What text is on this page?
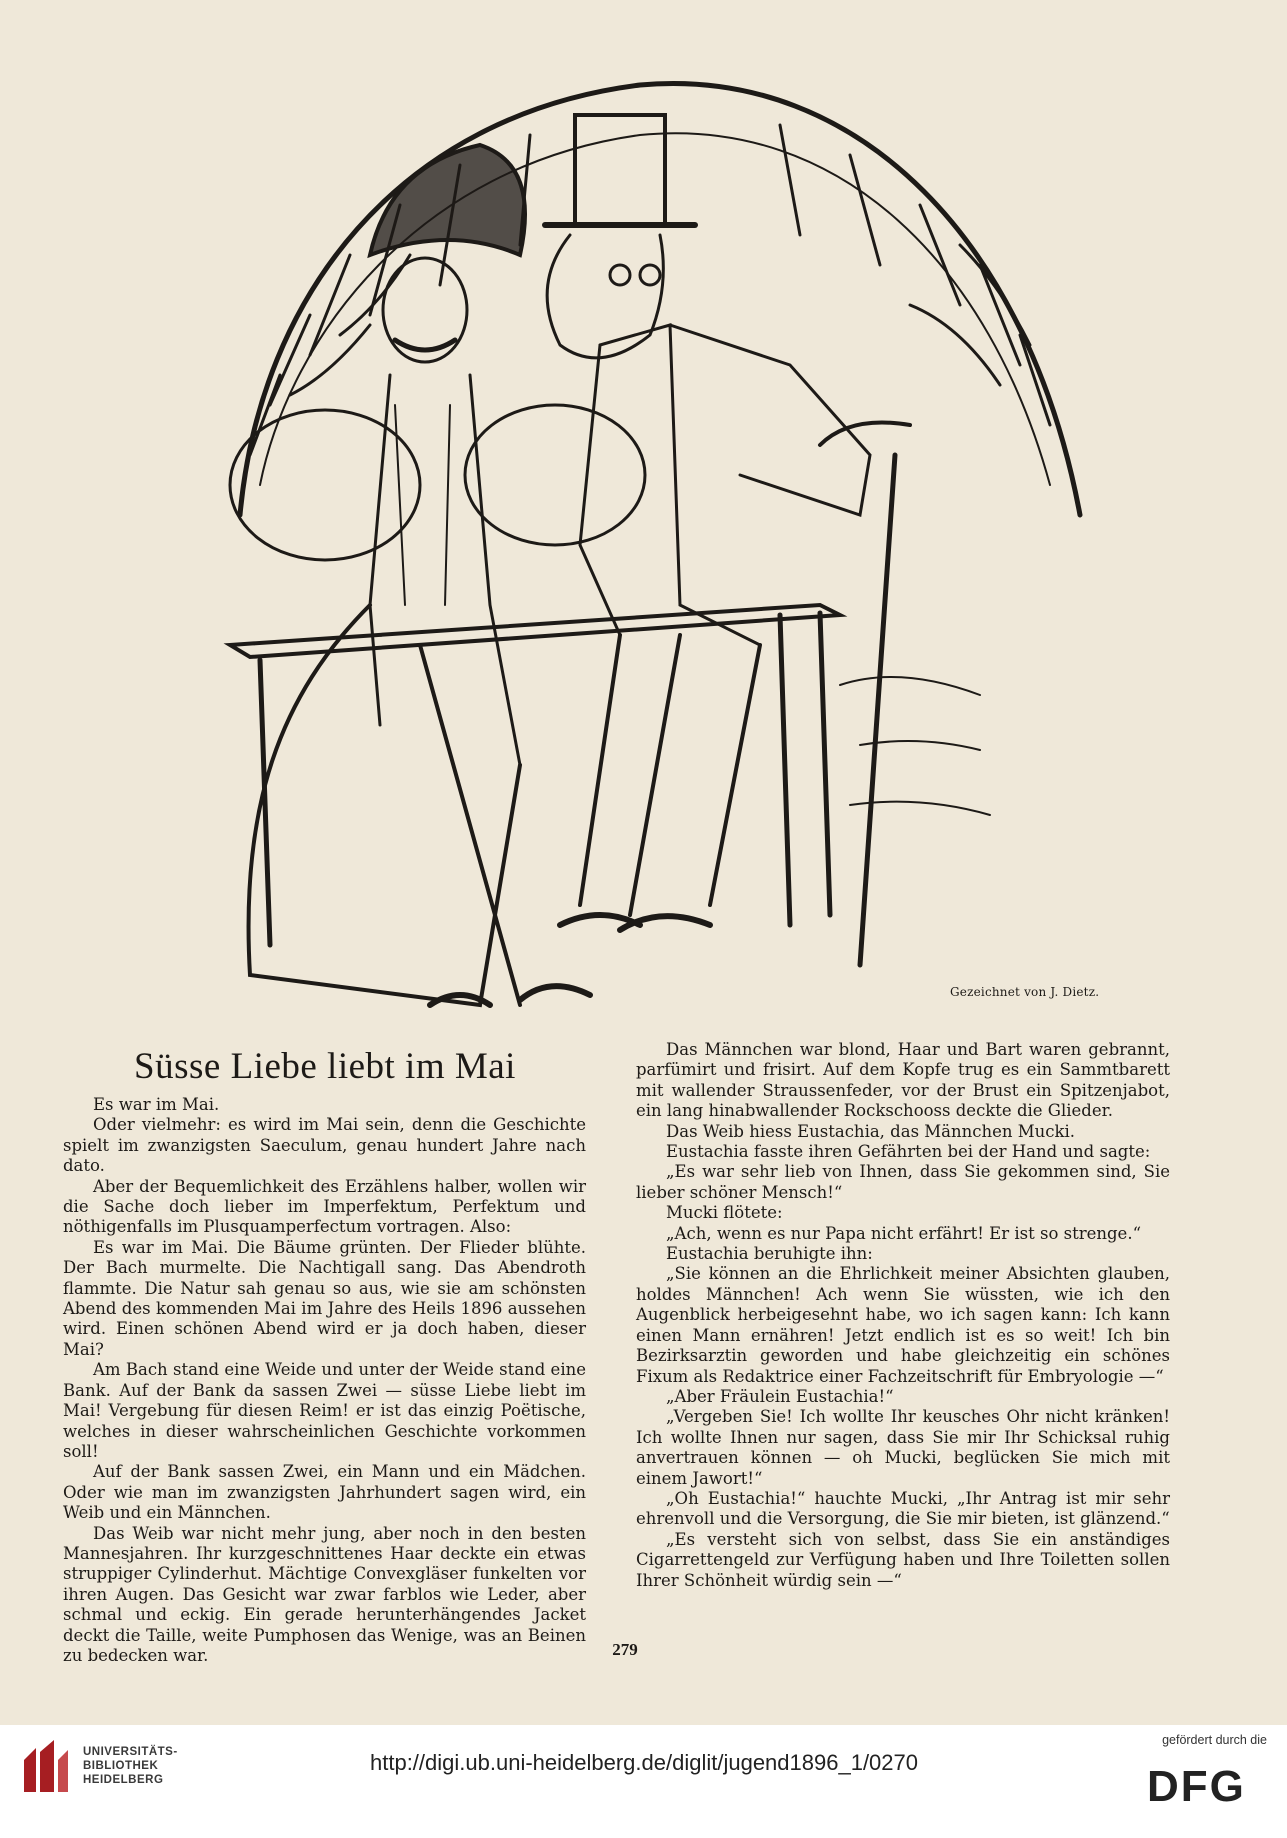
Gezeichnet von J. Dietz.
Süsse Liebe liebt im Mai

Es war im Mai.

Oder vielmehr: es wird im Mai sein, denn die Geschichte spielt im zwanzigsten Saeculum, genau hundert Jahre nach dato.

Aber der Bequemlichkeit des Erzählens halber, wollen wir die Sache doch lieber im Imperfektum, Perfektum und nöthigenfalls im Plusquamperfectum vortragen. Also:

Es war im Mai. Die Bäume grünten. Der Flieder blühte. Der Bach murmelte. Die Nachtigall sang. Das Abendroth flammte. Die Natur sah genau so aus, wie sie am schönsten Abend des kommenden Mai im Jahre des Heils 1896 aussehen wird. Einen schönen Abend wird er ja doch haben, dieser Mai?

Am Bach stand eine Weide und unter der Weide stand eine Bank. Auf der Bank da sassen Zwei — süsse Liebe liebt im Mai! Vergebung für diesen Reim! er ist das einzig Poëtische, welches in dieser wahrscheinlichen Geschichte vorkommen soll!

Auf der Bank sassen Zwei, ein Mann und ein Mädchen. Oder wie man im zwanzigsten Jahrhundert sagen wird, ein Weib und ein Männchen.

Das Weib war nicht mehr jung, aber noch in den besten Mannesjahren. Ihr kurzgeschnittenes Haar deckte ein etwas struppiger Cylinderhut. Mächtige Convexgläser funkelten vor ihren Augen. Das Gesicht war zwar farblos wie Leder, aber schmal und eckig. Ein gerade herunterhängendes Jacket deckt die Taille, weite Pumphosen das Wenige, was an Beinen zu bedecken war.

Das Männchen war blond, Haar und Bart waren gebrannt, parfümirt und frisirt. Auf dem Kopfe trug es ein Sammtbarett mit wallender Straussenfeder, vor der Brust ein Spitzenjabot, ein lang hinabwallender Rockschooss deckte die Glieder.

Das Weib hiess Eustachia, das Männchen Mucki.

Eustachia fasste ihren Gefährten bei der Hand und sagte:

„Es war sehr lieb von Ihnen, dass Sie gekommen sind, Sie lieber schöner Mensch!“

Mucki flötete:

„Ach, wenn es nur Papa nicht erfährt! Er ist so strenge.“

Eustachia beruhigte ihn:

„Sie können an die Ehrlichkeit meiner Absichten glauben, holdes Männchen! Ach wenn Sie wüssten, wie ich den Augenblick herbeigesehnt habe, wo ich sagen kann: Ich kann einen Mann ernähren! Jetzt endlich ist es so weit! Ich bin Bezirksarztin geworden und habe gleichzeitig ein schönes Fixum als Redaktrice einer Fachzeitschrift für Embryologie —“

„Aber Fräulein Eustachia!“

„Vergeben Sie! Ich wollte Ihr keusches Ohr nicht kränken! Ich wollte Ihnen nur sagen, dass Sie mir Ihr Schicksal ruhig anvertrauen können — oh Mucki, beglücken Sie mich mit einem Jawort!“

„Oh Eustachia!“ hauchte Mucki, „Ihr Antrag ist mir sehr ehrenvoll und die Versorgung, die Sie mir bieten, ist glänzend.“

„Es versteht sich von selbst, dass Sie ein anständiges Cigarrettengeld zur Verfügung haben und Ihre Toiletten sollen Ihrer Schönheit würdig sein —“

279
UNIVERSITÄTS-
BIBLIOTHEK
HEIDELBERG
http://digi.ub.uni-heidelberg.de/diglit/jugend1896_1/0270
gefördert durch die
DFG
